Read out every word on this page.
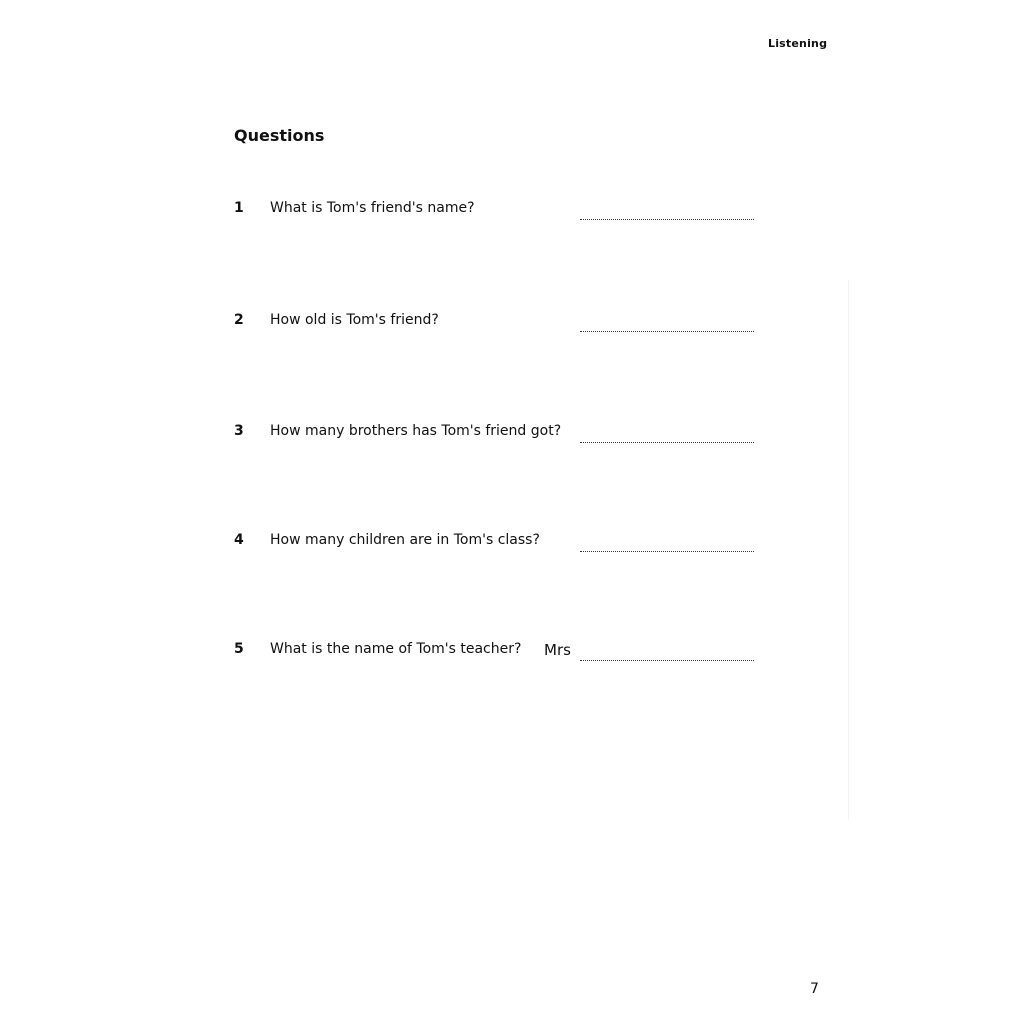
Listening
Questions
1 What is Tom's friend's name?
2 How old is Tom's friend?
3 How many brothers has Tom's friend got?
4 How many children are in Tom's class?
5 What is the name of Tom's teacher? Mrs
7
